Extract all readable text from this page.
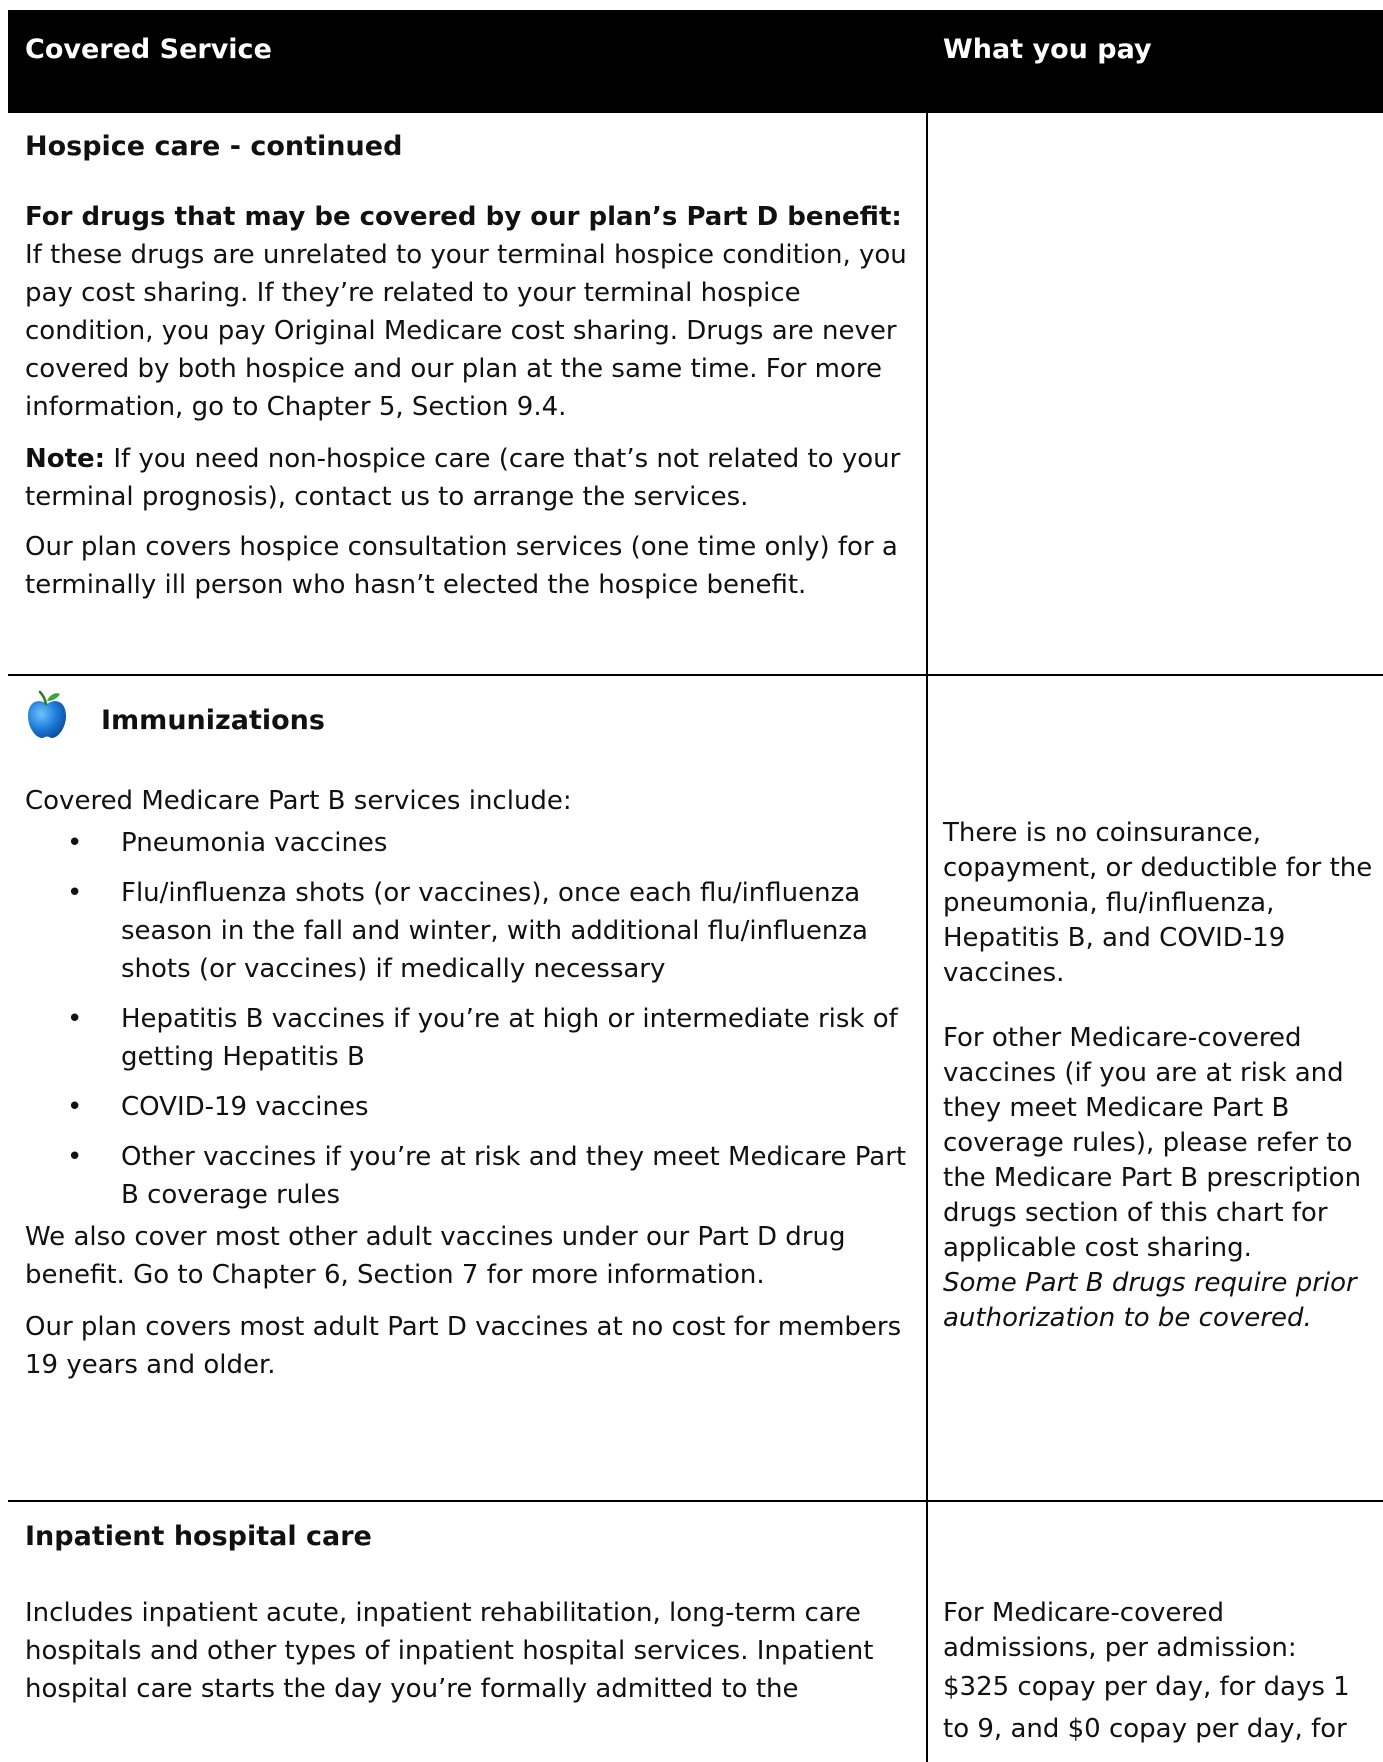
Covered Service	What you pay

Hospice care - continued

For drugs that may be covered by our plan’s Part D benefit: If these drugs are unrelated to your terminal hospice condition, you pay cost sharing. If they’re related to your terminal hospice condition, you pay Original Medicare cost sharing. Drugs are never covered by both hospice and our plan at the same time. For more information, go to Chapter 5, Section 9.4.

Note: If you need non-hospice care (care that’s not related to your terminal prognosis), contact us to arrange the services.

Our plan covers hospice consultation services (one time only) for a terminally ill person who hasn’t elected the hospice benefit.

Immunizations

Covered Medicare Part B services include:

• Pneumonia vaccines
• Flu/influenza shots (or vaccines), once each flu/influenza season in the fall and winter, with additional flu/influenza shots (or vaccines) if medically necessary
• Hepatitis B vaccines if you’re at high or intermediate risk of getting Hepatitis B
• COVID-19 vaccines
• Other vaccines if you’re at risk and they meet Medicare Part B coverage rules

We also cover most other adult vaccines under our Part D drug benefit. Go to Chapter 6, Section 7 for more information.

Our plan covers most adult Part D vaccines at no cost for members 19 years and older.

There is no coinsurance, copayment, or deductible for the pneumonia, flu/influenza, Hepatitis B, and COVID-19 vaccines.

For other Medicare-covered vaccines (if you are at risk and they meet Medicare Part B coverage rules), please refer to the Medicare Part B prescription drugs section of this chart for applicable cost sharing.

Some Part B drugs require prior authorization to be covered.

Inpatient hospital care

Includes inpatient acute, inpatient rehabilitation, long-term care hospitals and other types of inpatient hospital services. Inpatient hospital care starts the day you’re formally admitted to the

For Medicare-covered admissions, per admission:

$325 copay per day, for days 1 to 9, and $0 copay per day, for
